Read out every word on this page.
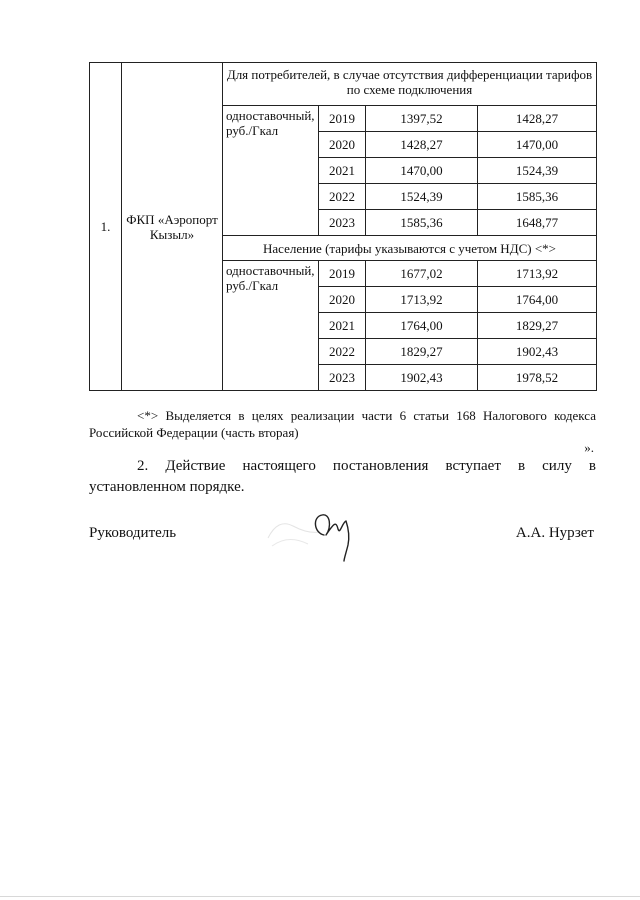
1.	ФКП «Аэропорт Кызыл»	Для потребителей, в случае отсутствия дифференциации тарифов по схеме подключения			
		одноставочный, руб./Гкал	2019	1397,52	1428,27
			2020	1428,27	1470,00
			2021	1470,00	1524,39
			2022	1524,39	1585,36
			2023	1585,36	1648,77
		Население (тарифы указываются с учетом НДС) <*>			
		одноставочный, руб./Гкал	2019	1677,02	1713,92
			2020	1713,92	1764,00
			2021	1764,00	1829,27
			2022	1829,27	1902,43
			2023	1902,43	1978,52
<*> Выделяется в целях реализации части 6 статьи 168 Налогового кодекса Российской Федерации (часть вторая)
».
2. Действие настоящего постановления вступает в силу в установленном порядке.
Руководитель	А.А. Нурзет
